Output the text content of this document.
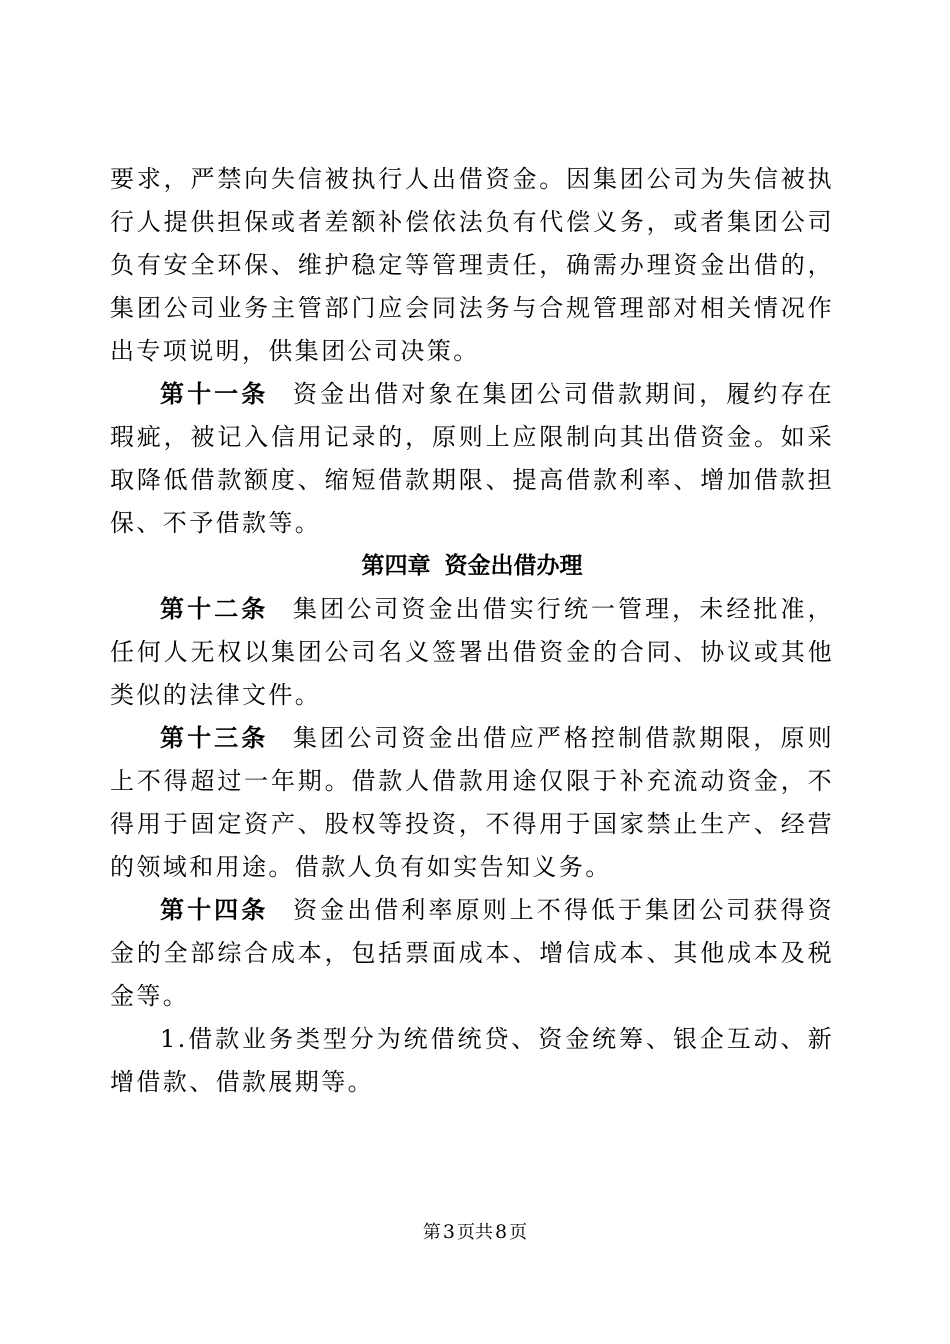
要求，严禁向失信被执行人出借资金。因集团公司为失信被执行人提供担保或者差额补偿依法负有代偿义务，或者集团公司负有安全环保、维护稳定等管理责任，确需办理资金出借的，集团公司业务主管部门应会同法务与合规管理部对相关情况作出专项说明，供集团公司决策。

第十一条 资金出借对象在集团公司借款期间，履约存在瑕疵，被记入信用记录的，原则上应限制向其出借资金。如采取降低借款额度、缩短借款期限、提高借款利率、增加借款担保、不予借款等。

第四章 资金出借办理

第十二条 集团公司资金出借实行统一管理，未经批准，任何人无权以集团公司名义签署出借资金的合同、协议或其他类似的法律文件。

第十三条 集团公司资金出借应严格控制借款期限，原则上不得超过一年期。借款人借款用途仅限于补充流动资金，不得用于固定资产、股权等投资，不得用于国家禁止生产、经营的领域和用途。借款人负有如实告知义务。

第十四条 资金出借利率原则上不得低于集团公司获得资金的全部综合成本，包括票面成本、增信成本、其他成本及税金等。

1.借款业务类型分为统借统贷、资金统筹、银企互动、新增借款、借款展期等。

第 3 页共 8 页
